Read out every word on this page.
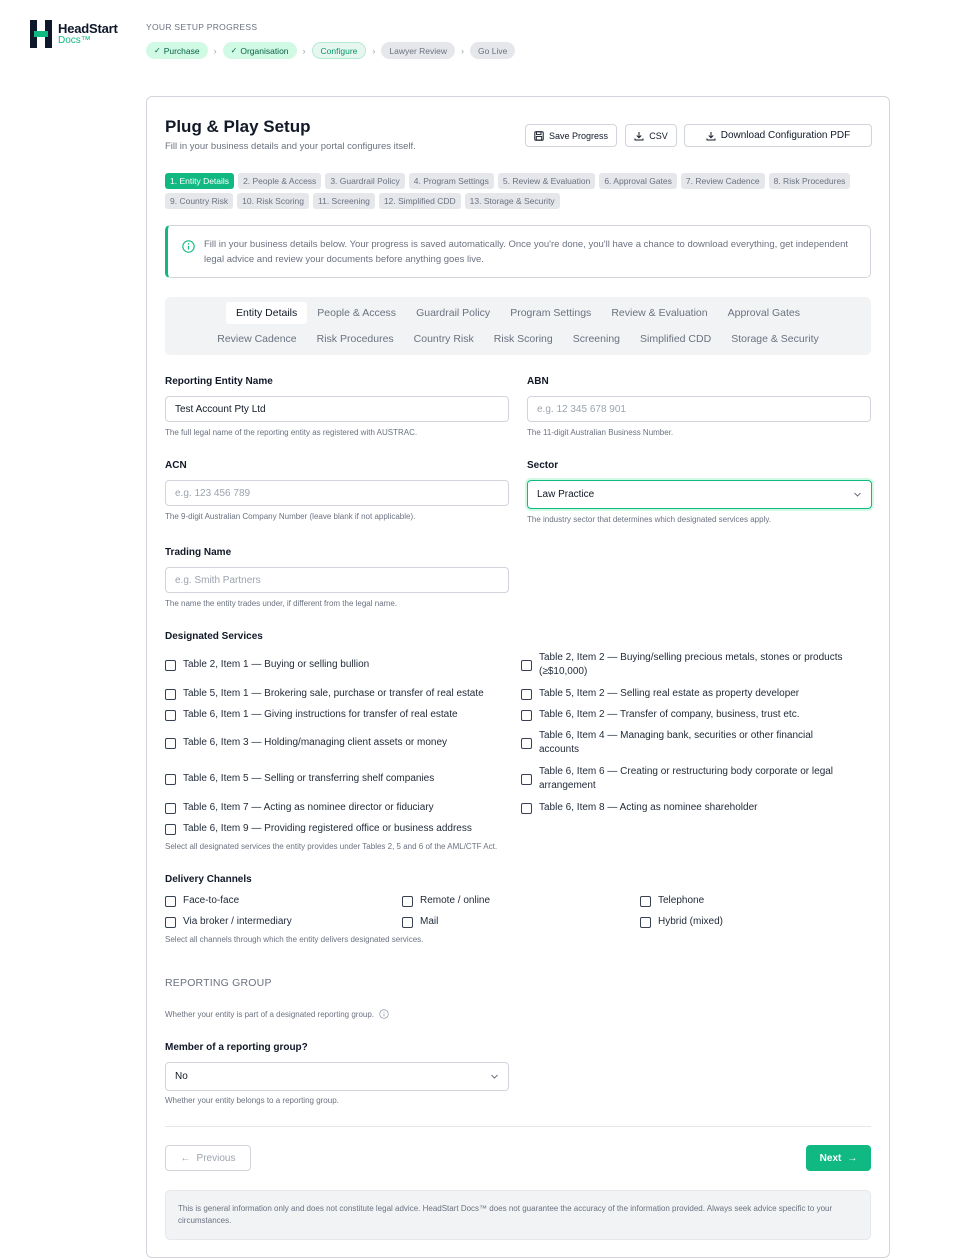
HeadStart
Docs™
YOUR SETUP PROGRESS
✓ Purchase › ✓ Organisation › Configure › Lawyer Review › Go Live
Plug & Play Setup
Fill in your business details and your portal configures itself.
Save Progress	CSV	Download Configuration PDF
1. Entity Details	2. People & Access	3. Guardrail Policy	4. Program Settings	5. Review & Evaluation	6. Approval Gates	7. Review Cadence	8. Risk Procedures
9. Country Risk	10. Risk Scoring	11. Screening	12. Simplified CDD	13. Storage & Security
Fill in your business details below. Your progress is saved automatically. Once you're done, you'll have a chance to download everything, get independent legal advice and review your documents before anything goes live.
Entity Details	People & Access	Guardrail Policy	Program Settings	Review & Evaluation	Approval Gates
Review Cadence	Risk Procedures	Country Risk	Risk Scoring	Screening	Simplified CDD	Storage & Security
Reporting Entity Name
Test Account Pty Ltd
The full legal name of the reporting entity as registered with AUSTRAC.
ABN
e.g. 12 345 678 901
The 11-digit Australian Business Number.
ACN
e.g. 123 456 789
The 9-digit Australian Company Number (leave blank if not applicable).
Sector
Law Practice
The industry sector that determines which designated services apply.
Trading Name
e.g. Smith Partners
The name the entity trades under, if different from the legal name.
Designated Services
Table 2, Item 1 — Buying or selling bullion
Table 2, Item 2 — Buying/selling precious metals, stones or products (≥$10,000)
Table 5, Item 1 — Brokering sale, purchase or transfer of real estate	Table 5, Item 2 — Selling real estate as property developer
Table 6, Item 1 — Giving instructions for transfer of real estate	Table 6, Item 2 — Transfer of company, business, trust etc.
Table 6, Item 3 — Holding/managing client assets or money
Table 6, Item 4 — Managing bank, securities or other financial accounts
Table 6, Item 5 — Selling or transferring shelf companies
Table 6, Item 6 — Creating or restructuring body corporate or legal arrangement
Table 6, Item 7 — Acting as nominee director or fiduciary	Table 6, Item 8 — Acting as nominee shareholder
Table 6, Item 9 — Providing registered office or business address
Select all designated services the entity provides under Tables 2, 5 and 6 of the AML/CTF Act.
Delivery Channels
Face-to-face	Remote / online	Telephone
Via broker / intermediary	Mail	Hybrid (mixed)
Select all channels through which the entity delivers designated services.
REPORTING GROUP
Whether your entity is part of a designated reporting group.
Member of a reporting group?
No
Whether your entity belongs to a reporting group.
← Previous	Next →
This is general information only and does not constitute legal advice. HeadStart Docs™ does not guarantee the accuracy of the information provided. Always seek advice specific to your circumstances.
